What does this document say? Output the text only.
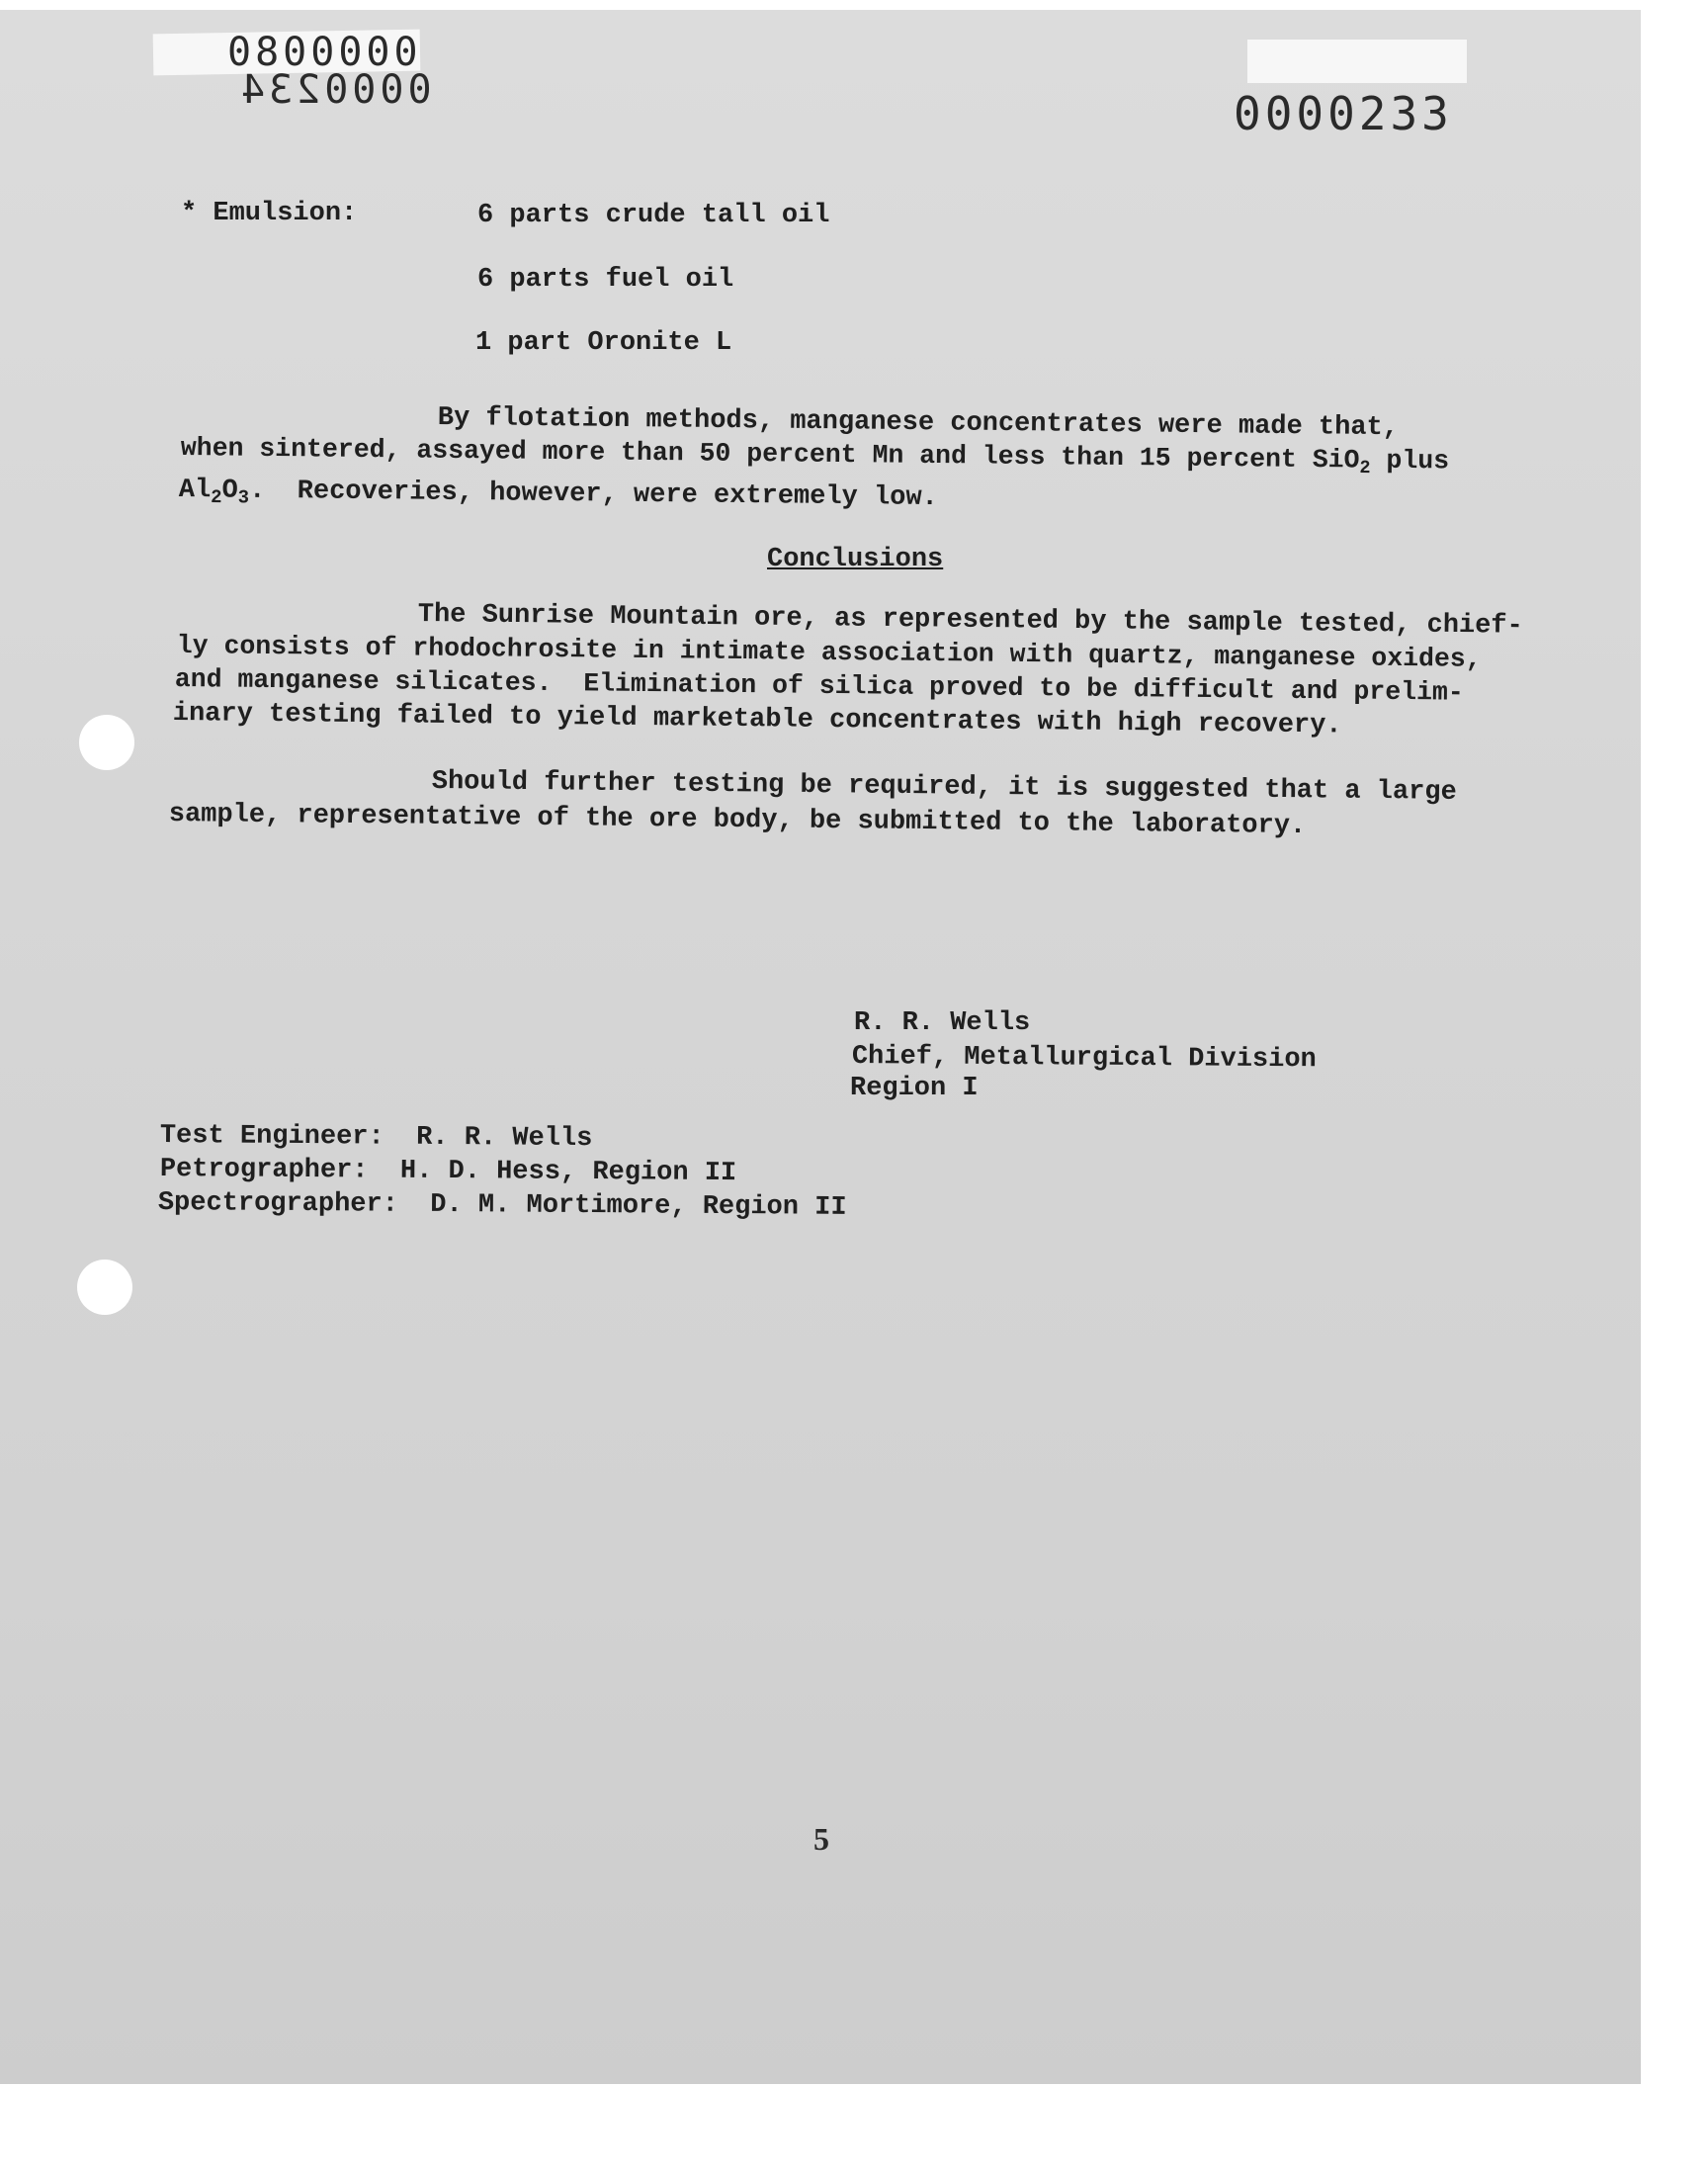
0800000
0000234	0000233
* Emulsion:	6 parts crude tall oil
6 parts fuel oil
1 part Oronite L
By flotation methods, manganese concentrates were made that,
when sintered, assayed more than 50 percent Mn and less than 15 percent SiO$_2$ plus
$Al_2O_3$.  Recoveries, however, were extremely low.
Conclusions
The Sunrise Mountain ore, as represented by the sample tested, chief-
ly consists of rhodochrosite in intimate association with quartz, manganese oxides,
and manganese silicates.  Elimination of silica proved to be difficult and prelim-
inary testing failed to yield marketable concentrates with high recovery.
Should further testing be required, it is suggested that a large
sample, representative of the ore body, be submitted to the laboratory.
R. R. Wells
Chief, Metallurgical Division
Region I
Test Engineer:  R. R. Wells
Petrographer:  H. D. Hess, Region II
Spectrographer:  D. M. Mortimore, Region II
5
